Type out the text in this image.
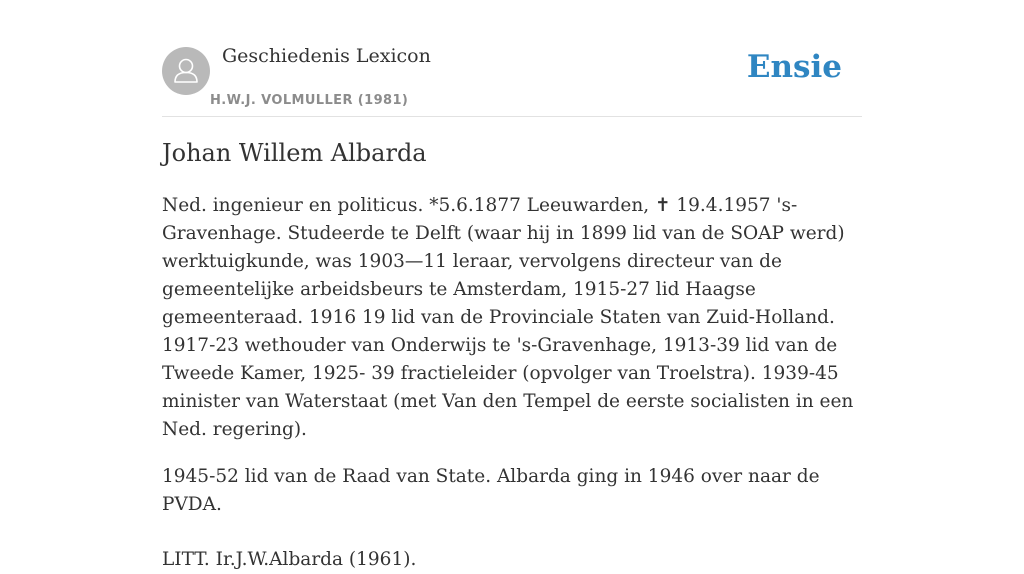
Geschiedenis Lexicon
H.W.J. VOLMULLER (1981)
Ensie
Johan Willem Albarda

Ned. ingenieur en politicus. *5.6.1877 Leeuwarden, ✝ 19.4.1957 's-Gravenhage. Studeerde te Delft (waar hij in 1899 lid van de SOAP werd) werktuigkunde, was 1903—11 leraar, vervolgens directeur van de gemeentelijke arbeidsbeurs te Amsterdam, 1915-27 lid Haagse gemeenteraad. 1916 19 lid van de Provinciale Staten van Zuid-Holland. 1917-23 wethouder van Onderwijs te 's-Gravenhage, 1913-39 lid van de Tweede Kamer, 1925- 39 fractieleider (opvolger van Troelstra). 1939-45 minister van Waterstaat (met Van den Tempel de eerste socialisten in een Ned. regering).

1945-52 lid van de Raad van State. Albarda ging in 1946 over naar de PVDA.

LITT. Ir.J.W.Albarda (1961).
